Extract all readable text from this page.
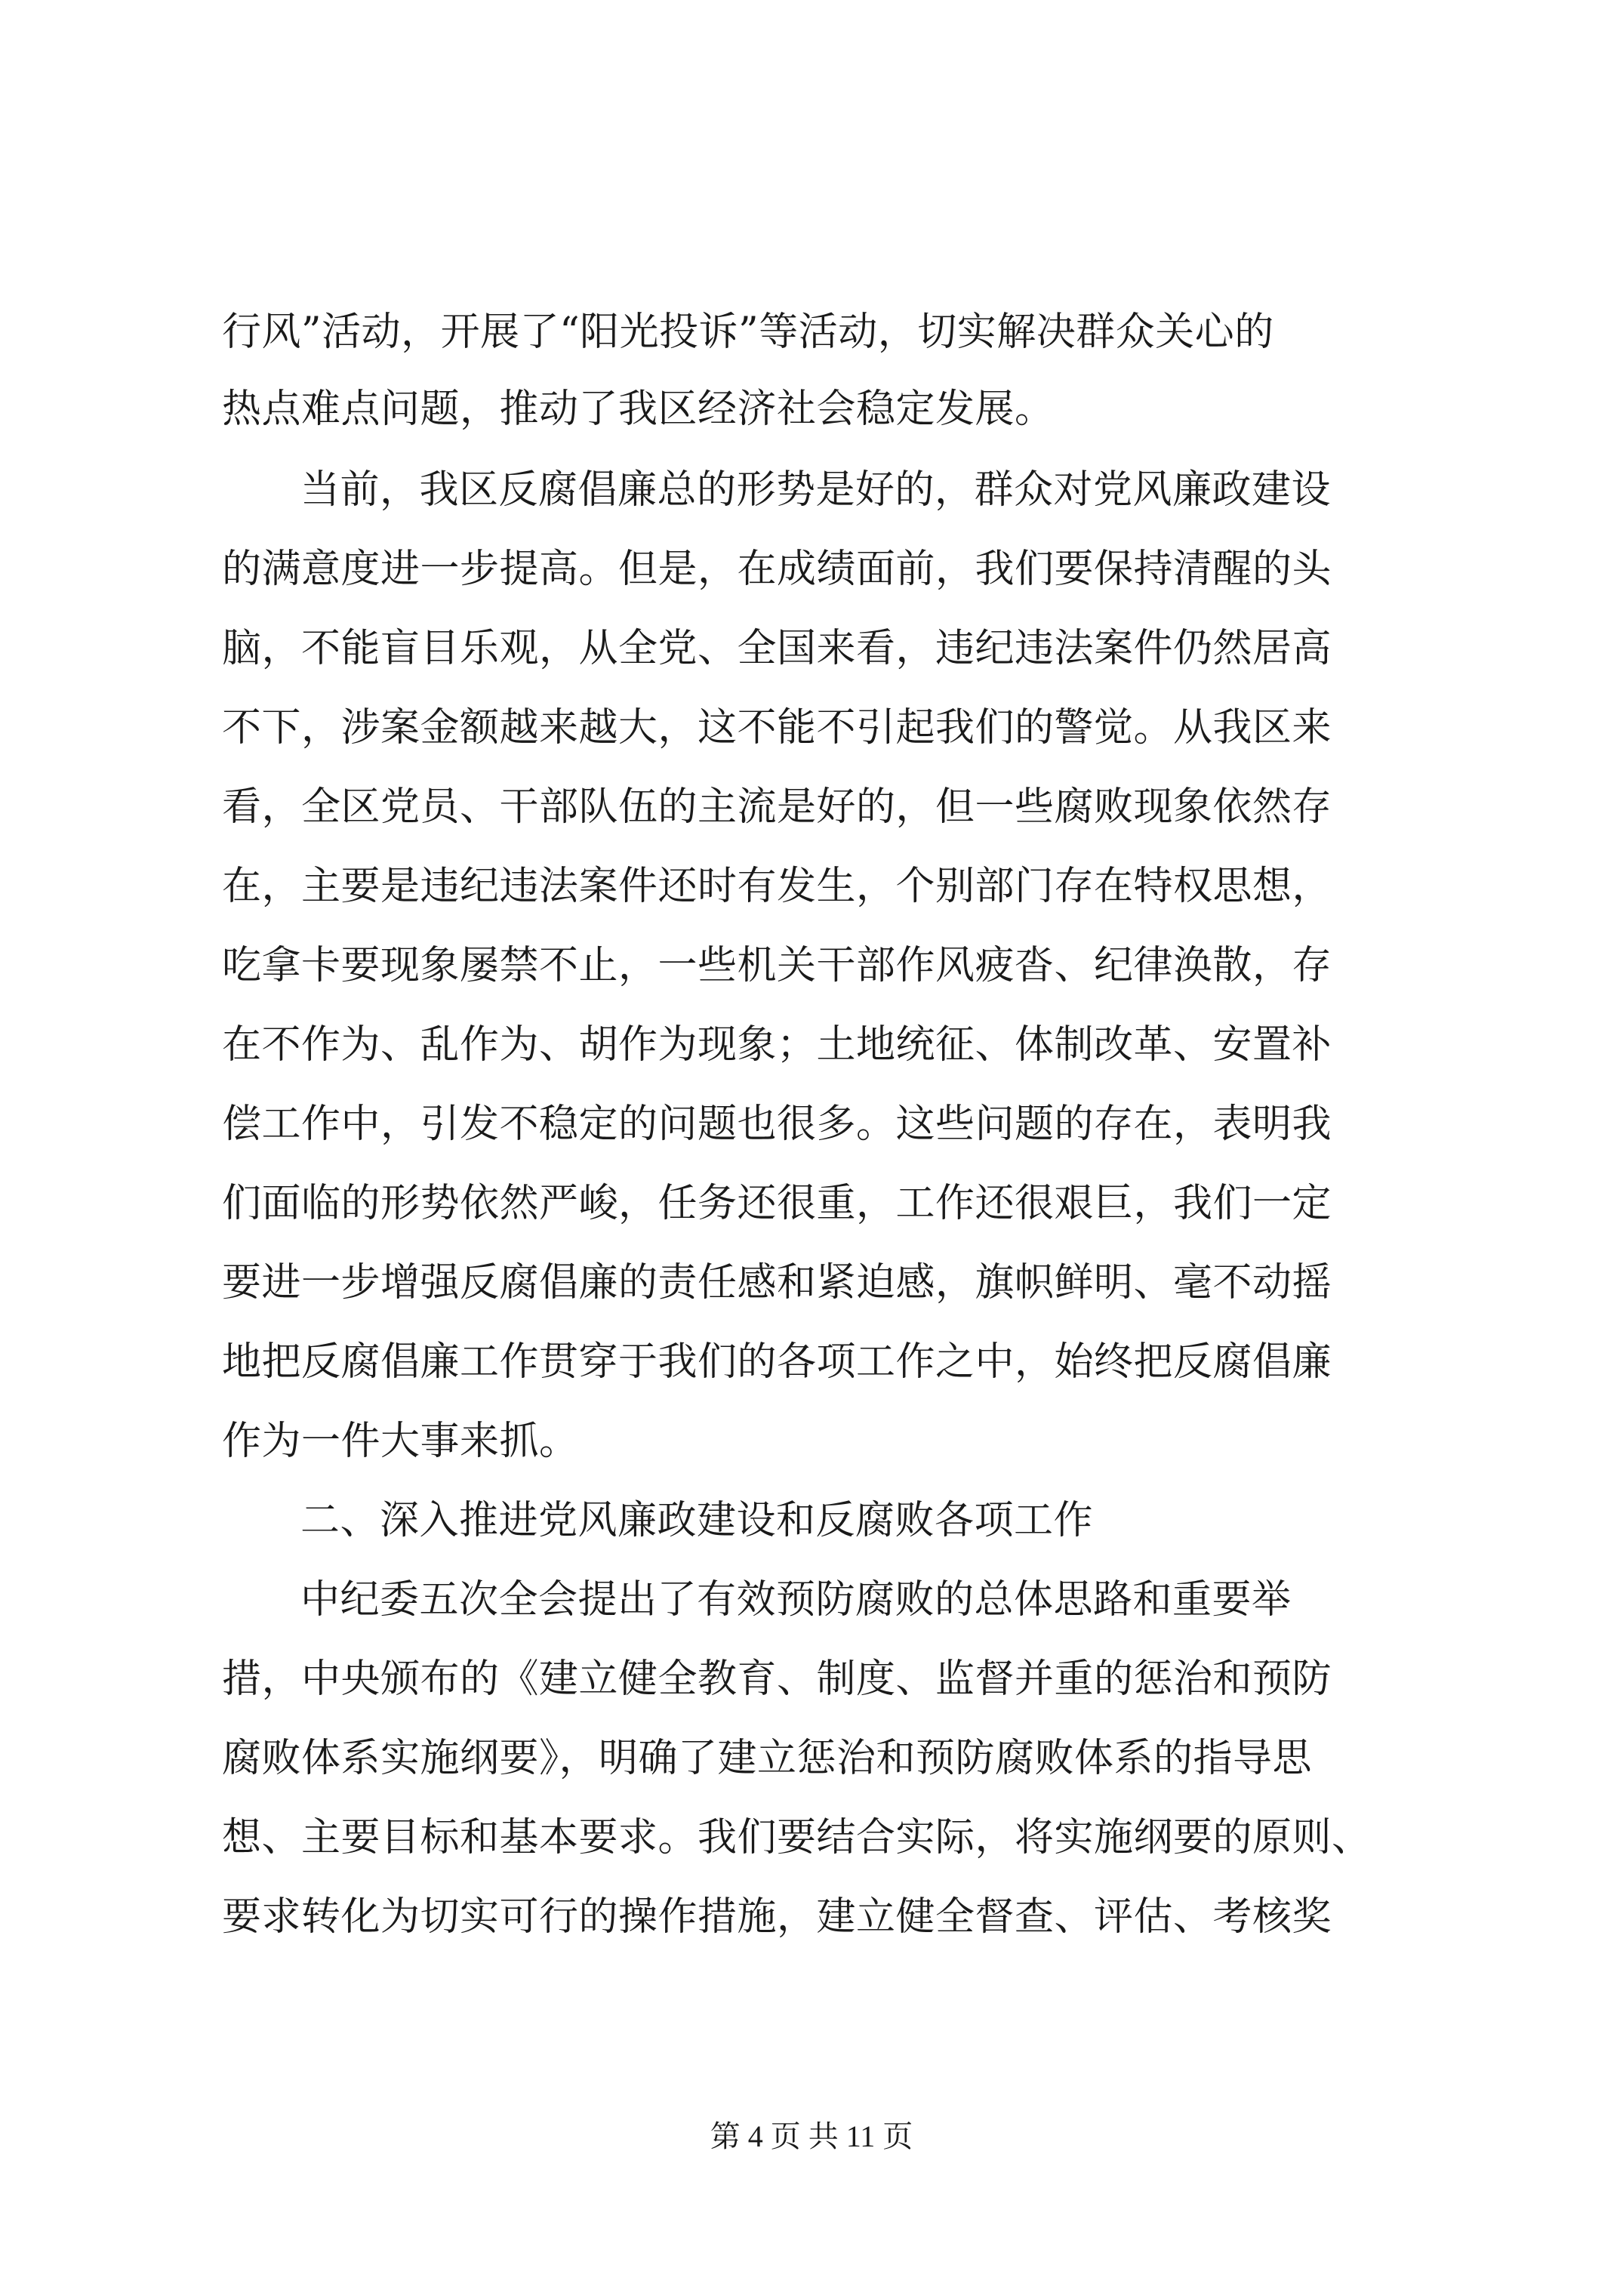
行风”活动，开展了“阳光投诉”等活动，切实解决群众关心的
热点难点问题，推动了我区经济社会稳定发展。
当前，我区反腐倡廉总的形势是好的，群众对党风廉政建设
的满意度进一步提高。但是，在成绩面前，我们要保持清醒的头
脑，不能盲目乐观，从全党、全国来看，违纪违法案件仍然居高
不下，涉案金额越来越大，这不能不引起我们的警觉。从我区来
看，全区党员、干部队伍的主流是好的，但一些腐败现象依然存
在，主要是违纪违法案件还时有发生，个别部门存在特权思想，
吃拿卡要现象屡禁不止，一些机关干部作风疲沓、纪律涣散，存
在不作为、乱作为、胡作为现象；土地统征、体制改革、安置补
偿工作中，引发不稳定的问题也很多。这些问题的存在，表明我
们面临的形势依然严峻，任务还很重，工作还很艰巨，我们一定
要进一步增强反腐倡廉的责任感和紧迫感，旗帜鲜明、毫不动摇
地把反腐倡廉工作贯穿于我们的各项工作之中，始终把反腐倡廉
作为一件大事来抓。
二、深入推进党风廉政建设和反腐败各项工作
中纪委五次全会提出了有效预防腐败的总体思路和重要举
措，中央颁布的《建立健全教育、制度、监督并重的惩治和预防
腐败体系实施纲要》，明确了建立惩治和预防腐败体系的指导思
想、主要目标和基本要求。我们要结合实际，将实施纲要的原则、
要求转化为切实可行的操作措施，建立健全督查、评估、考核奖
第 4 页 共 11 页
